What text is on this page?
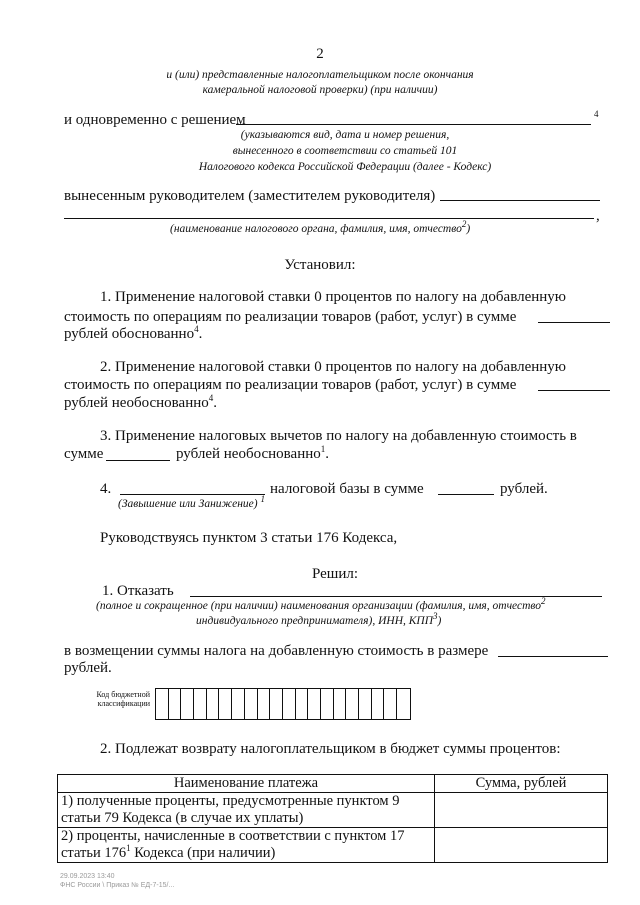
2
и (или) представленные налогоплательщиком после окончания
камеральной налоговой проверки) (при наличии)
и одновременно с решением	4
(указываются вид, дата и номер решения,
вынесенного в соответствии со статьей 101
Налогового кодекса Российской Федерации (далее - Кодекс)
вынесенным руководителем (заместителем руководителя)
,
(наименование налогового органа, фамилия, имя, отчество$^2$)
Установил:
1. Применение налоговой ставки 0 процентов по налогу на добавленную
стоимость по операциям по реализации товаров (работ, услуг) в сумме
рублей обоснованно$^4$.
2. Применение налоговой ставки 0 процентов по налогу на добавленную
стоимость по операциям по реализации товаров (работ, услуг) в сумме
рублей необоснованно$^4$.
3. Применение налоговых вычетов по налогу на добавленную стоимость в
сумме	рублей необоснованно$^1$.
4.	налоговой базы в сумме	рублей.
(Завышение или Занижение) $^1$
Руководствуясь пунктом 3 статьи 176 Кодекса,
Решил:
1. Отказать
(полное и сокращенное (при наличии) наименования организации (фамилия, имя, отчество$^2$
индивидуального предпринимателя), ИНН, КПП$^3$)
в возмещении суммы налога на добавленную стоимость в размере
рублей.
Код бюджетной
классификации
2. Подлежат возврату налогоплательщиком в бюджет суммы процентов:
Наименование платежа	Сумма, рублей

1) полученные проценты, предусмотренные пунктом 9
статьи 79 Кодекса (в случае их уплаты)	

2) проценты, начисленные в соответствии с пунктом 17
статьи $176^1$ Кодекса (при наличии)	

29.09.2023 13:40
ФНС России \ Приказ № ЕД-7-15/...
